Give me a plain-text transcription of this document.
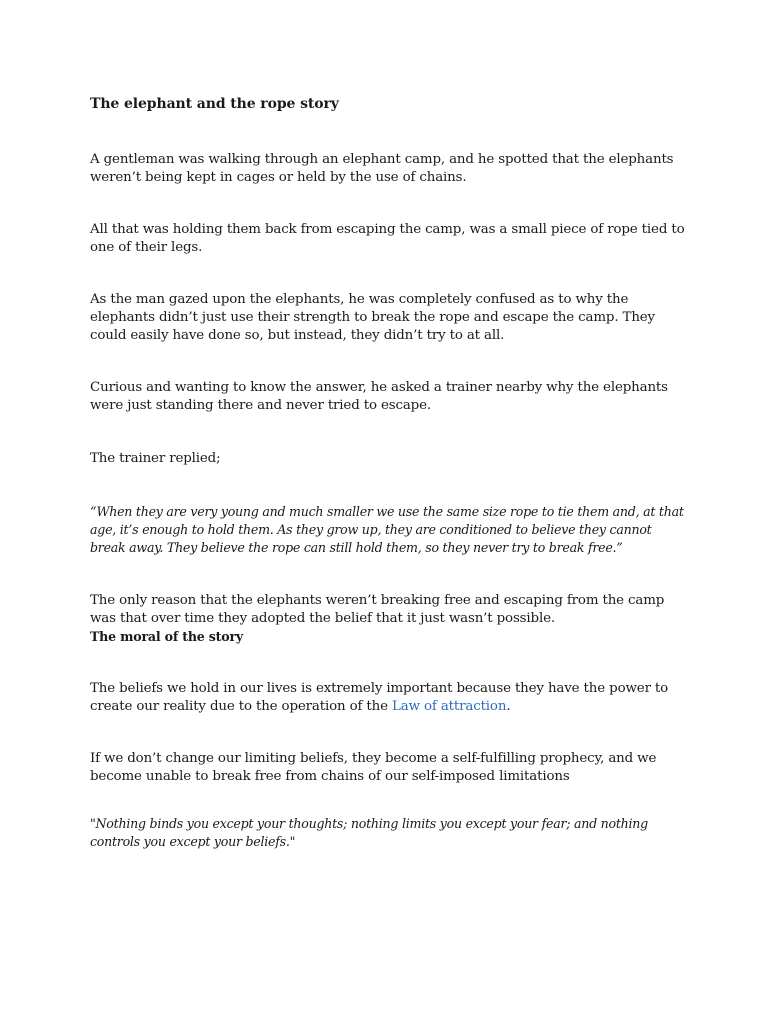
The elephant and the rope story

A gentleman was walking through an elephant camp, and he spotted that the elephants weren’t being kept in cages or held by the use of chains.

All that was holding them back from escaping the camp, was a small piece of rope tied to one of their legs.

As the man gazed upon the elephants, he was completely confused as to why the elephants didn’t just use their strength to break the rope and escape the camp. They could easily have done so, but instead, they didn’t try to at all.

Curious and wanting to know the answer, he asked a trainer nearby why the elephants were just standing there and never tried to escape.

The trainer replied;

“When they are very young and much smaller we use the same size rope to tie them and, at that age, it’s enough to hold them. As they grow up, they are conditioned to believe they cannot break away. They believe the rope can still hold them, so they never try to break free.”

The only reason that the elephants weren’t breaking free and escaping from the camp was that over time they adopted the belief that it just wasn’t possible.

The moral of the story

The beliefs we hold in our lives is extremely important because they have the power to create our reality due to the operation of the Law of attraction.

If we don’t change our limiting beliefs, they become a self-fulfilling prophecy, and we become unable to break free from chains of our self-imposed limitations

"Nothing binds you except your thoughts; nothing limits you except your fear; and nothing controls you except your beliefs."
